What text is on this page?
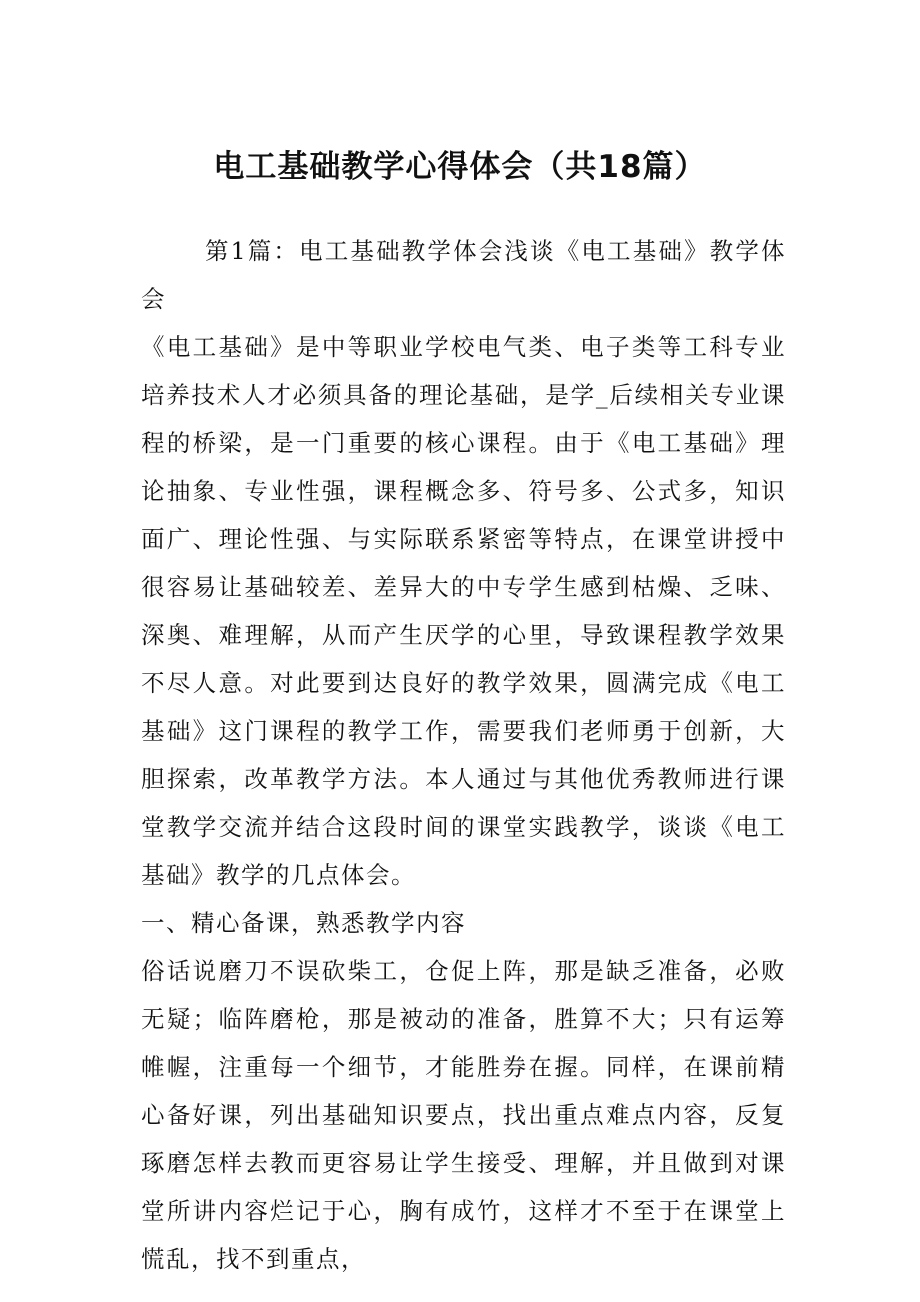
电工基础教学心得体会（共18篇）

第1篇：电工基础教学体会浅谈《电工基础》教学体会

《电工基础》是中等职业学校电气类、电子类等工科专业培养技术人才必须具备的理论基础，是学_后续相关专业课程的桥梁，是一门重要的核心课程。由于《电工基础》理论抽象、专业性强，课程概念多、符号多、公式多，知识面广、理论性强、与实际联系紧密等特点，在课堂讲授中很容易让基础较差、差异大的中专学生感到枯燥、乏味、深奥、难理解，从而产生厌学的心里，导致课程教学效果不尽人意。对此要到达良好的教学效果，圆满完成《电工基础》这门课程的教学工作，需要我们老师勇于创新，大胆探索，改革教学方法。本人通过与其他优秀教师进行课堂教学交流并结合这段时间的课堂实践教学，谈谈《电工基础》教学的几点体会。

一、精心备课，熟悉教学内容

俗话说磨刀不误砍柴工，仓促上阵，那是缺乏准备，必败无疑；临阵磨枪，那是被动的准备，胜算不大；只有运筹帷幄，注重每一个细节，才能胜券在握。同样，在课前精心备好课，列出基础知识要点，找出重点难点内容，反复琢磨怎样去教而更容易让学生接受、理解，并且做到对课堂所讲内容烂记于心，胸有成竹，这样才不至于在课堂上慌乱，找不到重点，
